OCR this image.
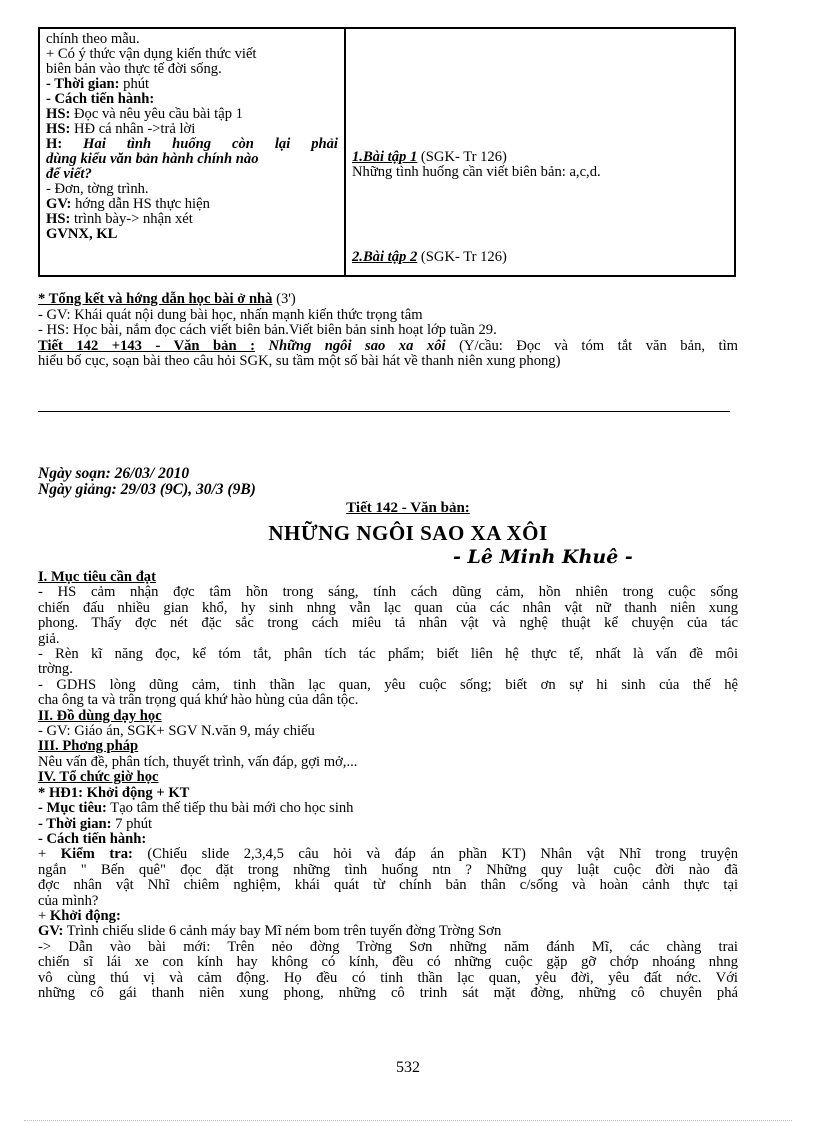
chính theo mẫu.
+ Có ý thức vận dụng kiến thức viết
biên bản vào thực tế đời sống.
- Thời gian: phút
- Cách tiến hành:
HS: Đọc và nêu yêu cầu bài tập 1
HS: HĐ cá nhân ->trả lời
H: Hai tình huống còn lại phải
dùng kiểu văn bản hành chính nào
để viết?
- Đơn, tờng trình.
GV: hớng dẫn HS thực hiện
HS: trình bày-> nhận xét
GVNX, KL
1.Bài tập 1 (SGK- Tr 126)
Những tình huống cần viết biên bản: a,c,d.
2.Bài tập 2 (SGK- Tr 126)
* Tổng kết và hớng dẫn học bài ở nhà (3')
- GV: Khái quát nội dung bài học, nhấn mạnh kiến thức trọng tâm
- HS: Học bài, nắm đọc cách viết biên bản.Viết biên bản sinh hoạt lớp tuần 29.
Tiết 142 +143 - Văn bản : Những ngôi sao xa xôi (Y/cầu: Đọc và tóm tắt văn bản, tìm
hiểu bố cục, soạn bài theo câu hỏi SGK, su tầm một số bài hát về thanh niên xung phong)
Ngày soạn: 26/03/ 2010
Ngày giảng: 29/03 (9C), 30/3 (9B)
Tiết 142 - Văn bản:
NHỮNG NGÔI SAO XA XÔI
- Lê Minh Khuê -
I. Mục tiêu cần đạt
- HS cảm nhận đợc tâm hồn trong sáng, tính cách dũng cảm, hồn nhiên trong cuộc sống
chiến đấu nhiều gian khổ, hy sinh nhng vẫn lạc quan của các nhân vật nữ thanh niên xung
phong. Thấy đợc nét đặc sắc trong cách miêu tả nhân vật và nghệ thuật kể chuyện của tác
giả.
- Rèn kĩ năng đọc, kể tóm tắt, phân tích tác phẩm; biết liên hệ thực tế, nhất là vấn đề môi
trờng.
- GDHS lòng dũng cảm, tinh thần lạc quan, yêu cuộc sống; biết ơn sự hi sinh của thế hệ
cha ông ta và trân trọng quá khứ hào hùng của dân tộc.
II. Đồ dùng dạy học
- GV: Giáo án, SGK+ SGV N.văn 9, máy chiếu
III. Phơng pháp
Nêu vấn đề, phân tích, thuyết trình, vấn đáp, gợi mở,...
IV. Tổ chức giờ học
* HĐ1: Khởi động + KT
- Mục tiêu: Tạo tâm thế tiếp thu bài mới cho học sinh
- Thời gian: 7 phút
- Cách tiến hành:
+ Kiểm tra: (Chiếu slide 2,3,4,5 câu hỏi và đáp án phần KT) Nhân vật Nhĩ trong truyện
ngắn " Bến quê" đọc đặt trong những tình huống ntn ? Những quy luật cuộc đời nào đã
đợc nhân vật Nhĩ chiêm nghiệm, khái quát từ chính bản thân c/sống và hoàn cảnh thực tại
của mình?
+ Khởi động:
GV: Trình chiếu slide 6 cảnh máy bay Mĩ ném bom trên tuyến đờng Trờng Sơn
-> Dẫn vào bài mới: Trên nẻo đờng Trờng Sơn những năm đánh Mĩ, các chàng trai
chiến sĩ lái xe con kính hay không có kính, đều có những cuộc gặp gỡ chớp nhoáng nhng
vô cùng thú vị và cảm động. Họ đều có tinh thần lạc quan, yêu đời, yêu đất nớc. Với
những cô gái thanh niên xung phong, những cô trinh sát mặt đờng, những cô chuyên phá
532
